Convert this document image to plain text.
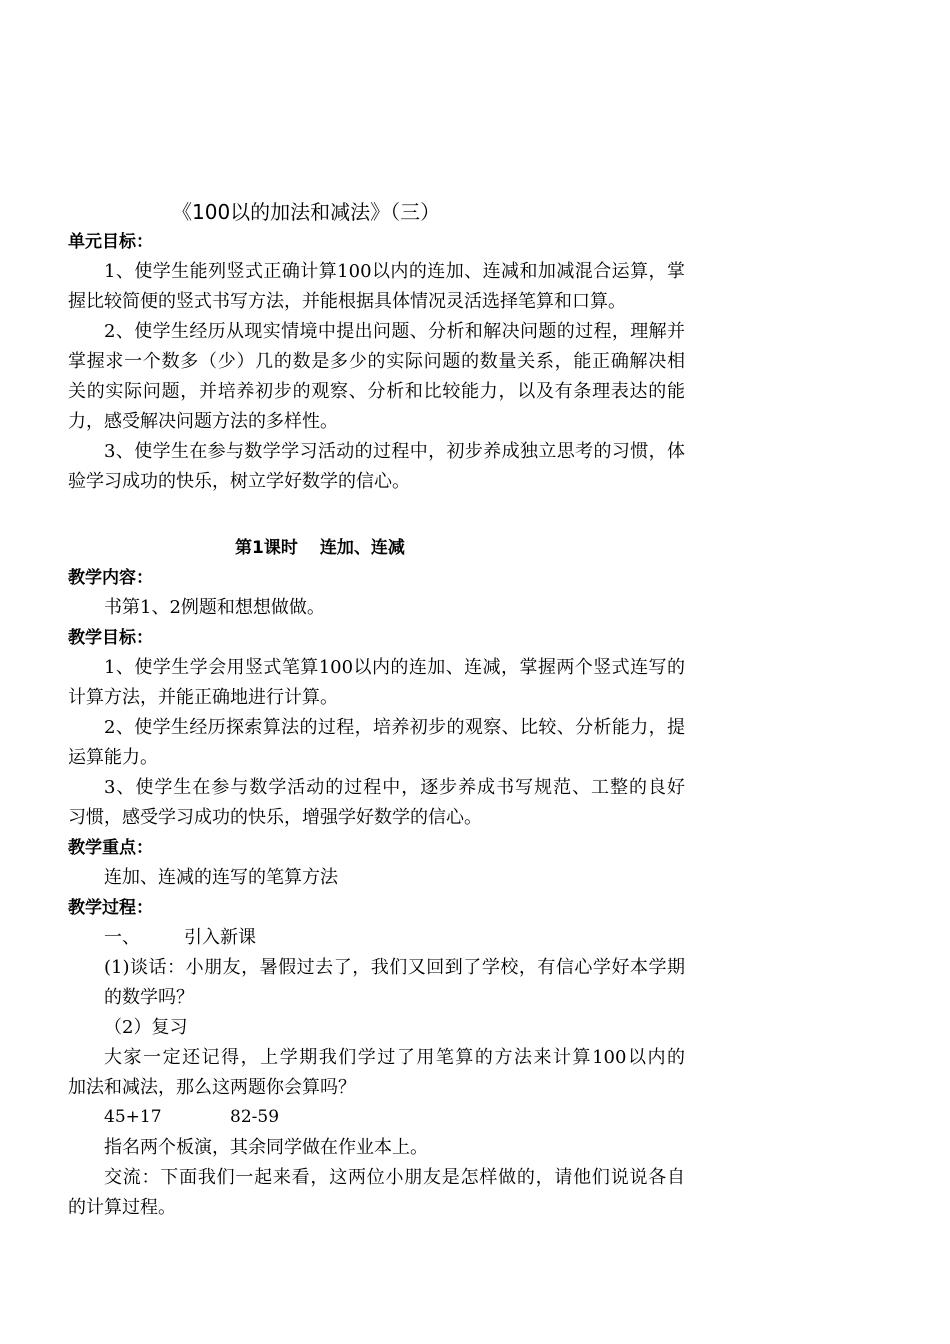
《100以的加法和减法》（三）
单元目标：
1、使学生能列竖式正确计算100以内的连加、连减和加减混合运算，掌
握比较简便的竖式书写方法，并能根据具体情况灵活选择笔算和口算。
2、使学生经历从现实情境中提出问题、分析和解决问题的过程，理解并
掌握求一个数多（少）几的数是多少的实际问题的数量关系，能正确解决相
关的实际问题，并培养初步的观察、分析和比较能力，以及有条理表达的能
力，感受解决问题方法的多样性。
3、使学生在参与数学学习活动的过程中，初步养成独立思考的习惯，体
验学习成功的快乐，树立学好数学的信心。
第1课时 连加、连减
教学内容：
书第1、2例题和想想做做。
教学目标：
1、使学生学会用竖式笔算100以内的连加、连减，掌握两个竖式连写的
计算方法，并能正确地进行计算。
2、使学生经历探索算法的过程，培养初步的观察、比较、分析能力，提
运算能力。
3、使学生在参与数学活动的过程中，逐步养成书写规范、工整的良好
习惯，感受学习成功的快乐，增强学好数学的信心。
教学重点：
连加、连减的连写的笔算方法
教学过程：
一、 引入新课
(1)谈话：小朋友，暑假过去了，我们又回到了学校，有信心学好本学期
的数学吗？
（2）复习
大家一定还记得，上学期我们学过了用笔算的方法来计算100以内的
加法和减法，那么这两题你会算吗？
45+17	82-59
指名两个板演，其余同学做在作业本上。
交流：下面我们一起来看，这两位小朋友是怎样做的，请他们说说各自
的计算过程。
